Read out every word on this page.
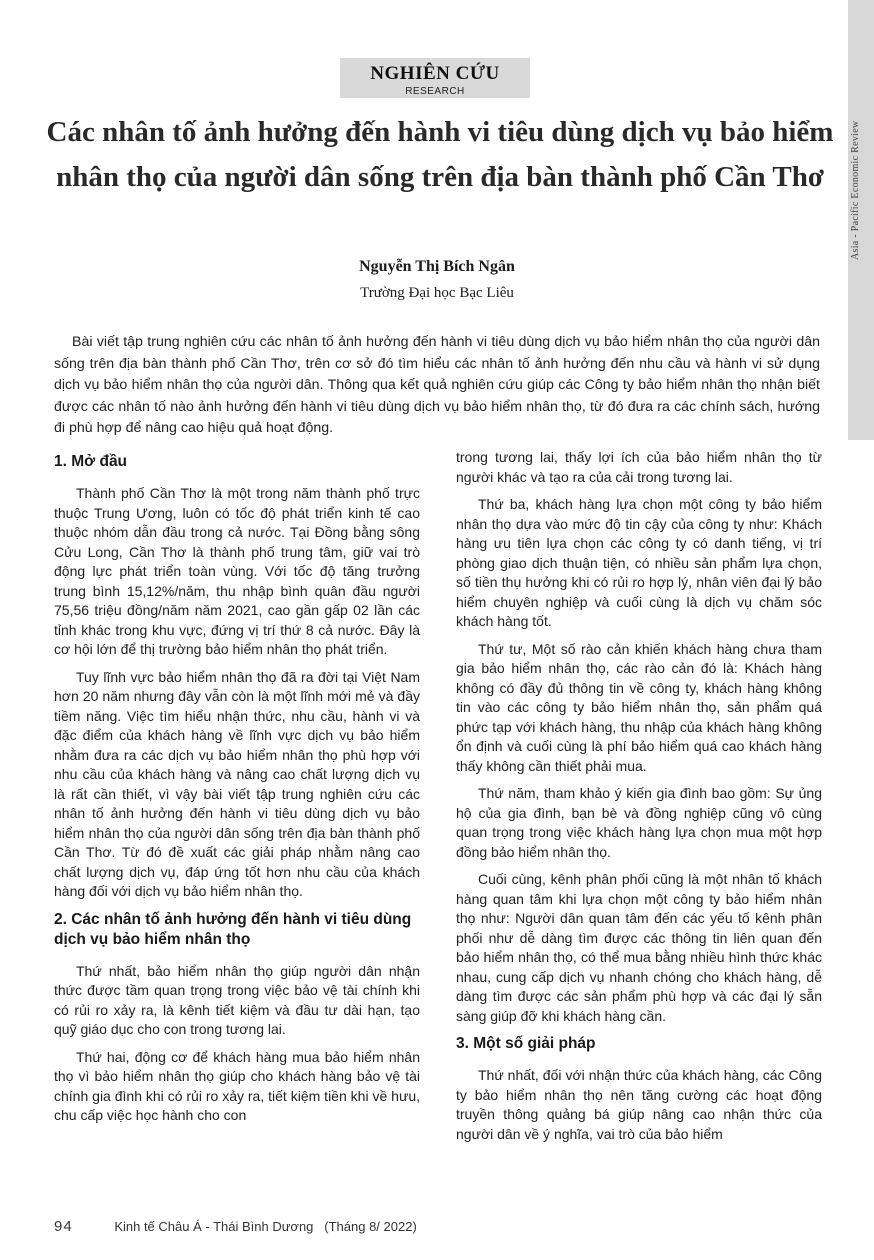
Asia - Pacific Economic Review
NGHIÊN CỨU
RESEARCH
Các nhân tố ảnh hưởng đến hành vi tiêu dùng dịch vụ bảo hiểm nhân thọ của người dân sống trên địa bàn thành phố Cần Thơ
Nguyễn Thị Bích Ngân
Trường Đại học Bạc Liêu

Bài viết tập trung nghiên cứu các nhân tố ảnh hưởng đến hành vi tiêu dùng dịch vụ bảo hiểm nhân thọ của người dân sống trên địa bàn thành phố Cần Thơ, trên cơ sở đó tìm hiểu các nhân tố ảnh hưởng đến nhu cầu và hành vi sử dụng dịch vụ bảo hiểm nhân thọ của người dân. Thông qua kết quả nghiên cứu giúp các Công ty bảo hiểm nhân thọ nhận biết được các nhân tố nào ảnh hưởng đến hành vi tiêu dùng dịch vụ bảo hiểm nhân thọ, từ đó đưa ra các chính sách, hướng đi phù hợp để nâng cao hiệu quả hoạt động.

1. Mở đầu

Thành phố Cần Thơ là một trong năm thành phố trực thuộc Trung Ương, luôn có tốc độ phát triển kinh tế cao thuộc nhóm dẫn đầu trong cả nước. Tại Đồng bằng sông Cửu Long, Cần Thơ là thành phố trung tâm, giữ vai trò động lực phát triển toàn vùng. Với tốc độ tăng trưởng trung bình 15,12%/năm, thu nhập bình quân đầu người 75,56 triệu đồng/năm năm 2021, cao gần gấp 02 lần các tỉnh khác trong khu vực, đứng vị trí thứ 8 cả nước. Đây là cơ hội lớn để thị trường bảo hiểm nhân thọ phát triển.

Tuy lĩnh vực bảo hiểm nhân thọ đã ra đời tại Việt Nam hơn 20 năm nhưng đây vẫn còn là một lĩnh mới mẻ và đầy tiềm năng. Việc tìm hiểu nhận thức, nhu cầu, hành vi và đặc điểm của khách hàng về lĩnh vực dịch vụ bảo hiểm nhằm đưa ra các dịch vụ bảo hiểm nhân thọ phù hợp với nhu cầu của khách hàng và nâng cao chất lượng dịch vụ là rất cần thiết, vì vậy bài viết tập trung nghiên cứu các nhân tố ảnh hưởng đến hành vi tiêu dùng dịch vụ bảo hiểm nhân thọ của người dân sống trên địa bàn thành phố Cần Thơ. Từ đó đề xuất các giải pháp nhằm nâng cao chất lượng dịch vụ, đáp ứng tốt hơn nhu cầu của khách hàng đối với dịch vụ bảo hiểm nhân thọ.

2. Các nhân tố ảnh hưởng đến hành vi tiêu dùng dịch vụ bảo hiểm nhân thọ

Thứ nhất, bảo hiểm nhân thọ giúp người dân nhận thức được tầm quan trọng trong việc bảo vệ tài chính khi có rủi ro xảy ra, là kênh tiết kiệm và đầu tư dài hạn, tạo quỹ giáo dục cho con trong tương lai.

Thứ hai, động cơ để khách hàng mua bảo hiểm nhân thọ vì bảo hiểm nhân thọ giúp cho khách hàng bảo vệ tài chính gia đình khi có rủi ro xảy ra, tiết kiệm tiền khi về hưu, chu cấp việc học hành cho con

trong tương lai, thấy lợi ích của bảo hiểm nhân thọ từ người khác và tạo ra của cải trong tương lai.

Thứ ba, khách hàng lựa chọn một công ty bảo hiểm nhân thọ dựa vào mức độ tin cậy của công ty như: Khách hàng ưu tiên lựa chọn các công ty có danh tiếng, vị trí phòng giao dịch thuận tiện, có nhiều sản phẩm lựa chọn, số tiền thụ hưởng khi có rủi ro hợp lý, nhân viên đại lý bảo hiểm chuyên nghiệp và cuối cùng là dịch vụ chăm sóc khách hàng tốt.

Thứ tư, Một số rào cản khiến khách hàng chưa tham gia bảo hiểm nhân thọ, các rào cản đó là: Khách hàng không có đầy đủ thông tin về công ty, khách hàng không tin vào các công ty bảo hiểm nhân thọ, sản phẩm quá phức tạp với khách hàng, thu nhập của khách hàng không ổn định và cuối cùng là phí bảo hiểm quá cao khách hàng thấy không cần thiết phải mua.

Thứ năm, tham khảo ý kiến gia đình bao gồm: Sự ủng hộ của gia đình, bạn bè và đồng nghiệp cũng vô cùng quan trọng trong việc khách hàng lựa chọn mua một hợp đồng bảo hiểm nhân thọ.

Cuối cùng, kênh phân phối cũng là một nhân tố khách hàng quan tâm khi lựa chọn một công ty bảo hiểm nhân thọ như: Người dân quan tâm đến các yếu tố kênh phân phối như dễ dàng tìm được các thông tin liên quan đến bảo hiểm nhân thọ, có thể mua bằng nhiều hình thức khác nhau, cung cấp dịch vụ nhanh chóng cho khách hàng, dễ dàng tìm được các sản phẩm phù hợp và các đại lý sẵn sàng giúp đỡ khi khách hàng cần.

3. Một số giải pháp

Thứ nhất, đối với nhận thức của khách hàng, các Công ty bảo hiểm nhân thọ nên tăng cường các hoạt động truyền thông quảng bá giúp nâng cao nhận thức của người dân về ý nghĩa, vai trò của bảo hiểm

94	Kinh tế Châu Á - Thái Bình Dương (Tháng 8/ 2022)
